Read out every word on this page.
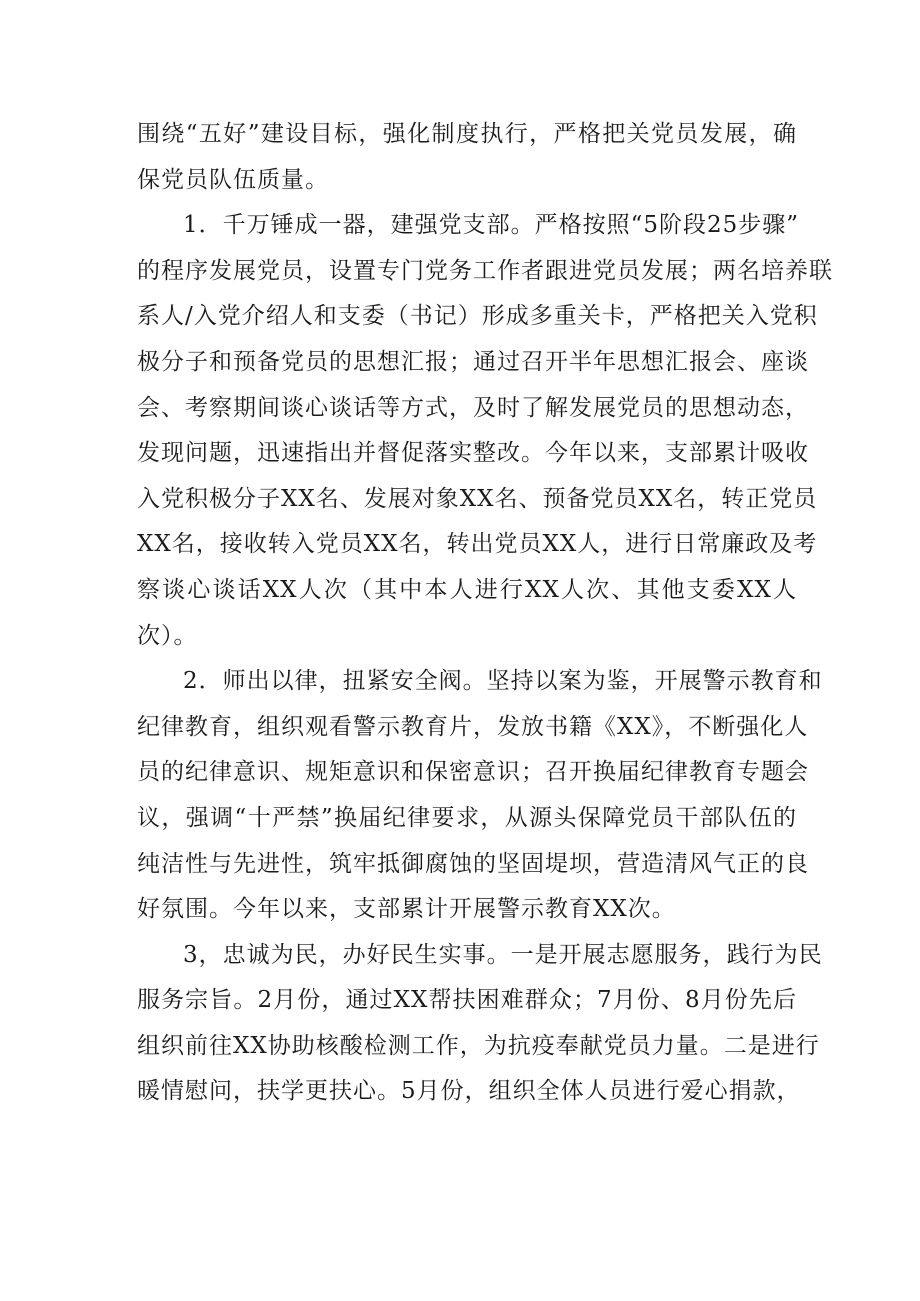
围绕“五好”建设目标，强化制度执行，严格把关党员发展，确
保党员队伍质量。
1．千万锤成一器，建强党支部。严格按照“5阶段25步骤”
的程序发展党员，设置专门党务工作者跟进党员发展；两名培养联
系人/入党介绍人和支委（书记）形成多重关卡，严格把关入党积
极分子和预备党员的思想汇报；通过召开半年思想汇报会、座谈
会、考察期间谈心谈话等方式，及时了解发展党员的思想动态，
发现问题，迅速指出并督促落实整改。今年以来，支部累计吸收
入党积极分子XX名、发展对象XX名、预备党员XX名，转正党员
XX名，接收转入党员XX名，转出党员XX人，进行日常廉政及考
察谈心谈话XX人次（其中本人进行XX人次、其他支委XX人
次）。
2．师出以律，扭紧安全阀。坚持以案为鉴，开展警示教育和
纪律教育，组织观看警示教育片，发放书籍《XX》，不断强化人
员的纪律意识、规矩意识和保密意识；召开换届纪律教育专题会
议，强调“十严禁”换届纪律要求，从源头保障党员干部队伍的
纯洁性与先进性，筑牢抵御腐蚀的坚固堤坝，营造清风气正的良
好氛围。今年以来，支部累计开展警示教育XX次。
3，忠诚为民，办好民生实事。一是开展志愿服务，践行为民
服务宗旨。2月份，通过XX帮扶困难群众；7月份、8月份先后
组织前往XX协助核酸检测工作，为抗疫奉献党员力量。二是进行
暖情慰问，扶学更扶心。5月份，组织全体人员进行爱心捐款，
